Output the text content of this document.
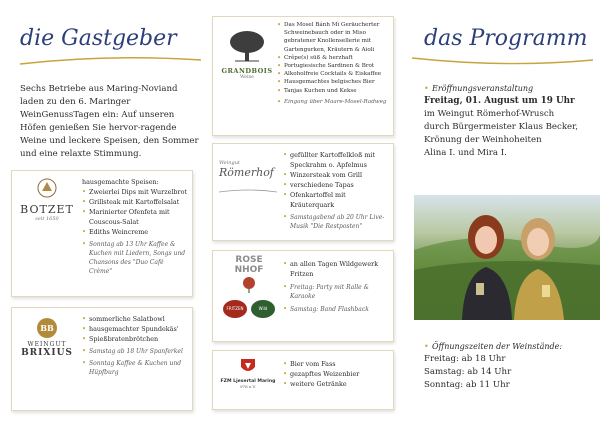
die Gastgeber
Sechs Betriebe aus Maring-Noviand laden zu den 6. Maringer WeinGenussTagen ein: Auf unseren Höfen genießen Sie hervor-ragende Weine und leckere Speisen, den Sommer und eine relaxte Stimmung.
BOTZET
seit 1650
hausgemachte Speisen:
• Zweierlei Dips mit Wurzelbrot
• Grillsteak mit Kartoffelsalat
• Marinierter Ofenfeta mit Couscous-Salat
• Ediths Weincreme
• Sonntag ab 13 Uhr Kaffee & Kuchen mit Liedern, Songs und Chansons des "Duo Café Crème"
BB
WEINGUT
BRIXIUS
• sommerliche Salatbowl
• hausgemachter Spundekäs'
• Spießbratenbrötchen
• Samstag ab 18 Uhr Spanferkel
• Sonntag Kaffee & Kuchen und Hüpfburg
GRANDBOIS
Weine
• Das Mosel Bánh Mì Geräucherter Schweinebauch oder in Miso gebratener Knollensellerie mit Gartengurken, Kräutern & Aioli
• Crêpe(s) süß & herzhaft
• Portugiesische Sardinen & Brot
• Alkoholfreie Cocktails & Eiskaffee
• Hausgemachtes belgisches Bier
• Tanjas Kuchen und Kekse
• Eingang über Maare-Mosel-Radweg
Weingut
Römerhof
• gefüllter Kartoffelkloß mit Speckrahm o. Apfelmus
• Winzersteak vom Grill
• verschiedene Tapas
• Ofenkartoffel mit Kräuterquark
• Samstagabend ab 20 Uhr Live-Musik "Die Restposten"
ROSE
NHOF
FRITZEN	Wild
• an allen Tagen Wildgewerk Fritzen
• Freitag: Party mit Ralle & Karaoke
• Samstag: Band Flashback
FZM Ljesertal Maring
976 e.V.
• Bier vom Fass
• gezapftes Weizenbier
• weitere Getränke
das Programm
• Eröffnungsveranstaltung
Freitag, 01. August um 19 Uhr
im Weingut Römerhof-Wrusch
durch Bürgermeister Klaus Becker,
Krönung der Weinhoheiten
Alina I. und Mira I.
• Öffnungszeiten der Weinstände:
Freitag: ab 18 Uhr
Samstag: ab 14 Uhr
Sonntag: ab 11 Uhr
